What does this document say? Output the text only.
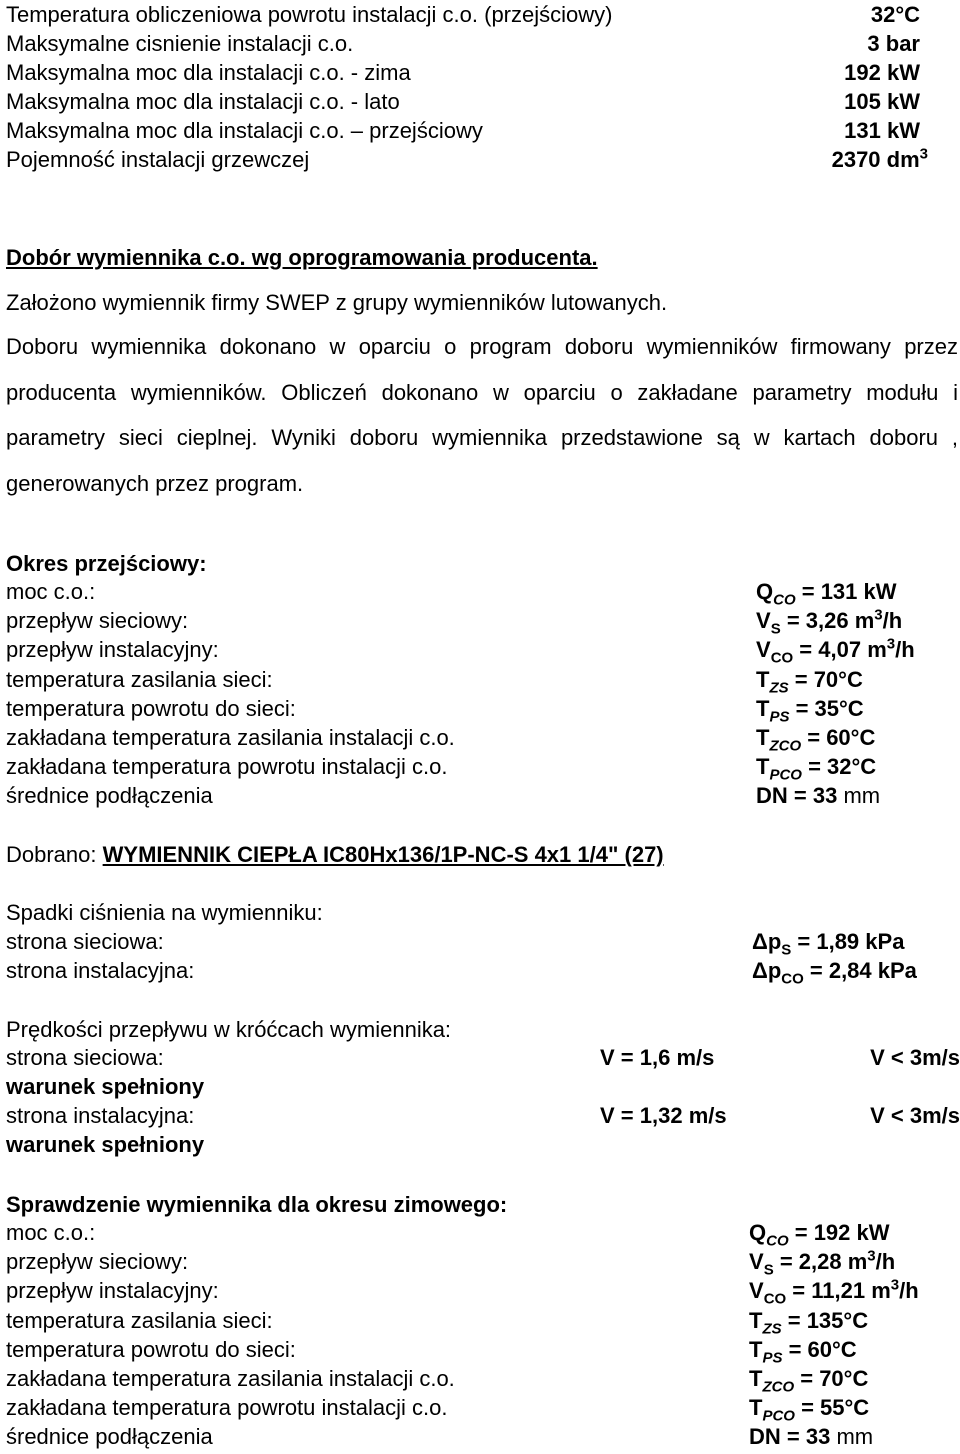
Temperatura obliczeniowa powrotu instalacji c.o. (przejściowy)	32°C
Maksymalne cisnienie instalacji c.o.	3 bar
Maksymalna moc dla instalacji c.o. - zima	192 kW
Maksymalna moc dla instalacji c.o. - lato	105 kW
Maksymalna moc dla instalacji c.o. – przejściowy	131 kW
Pojemność instalacji grzewczej	2370 $dm^3$
Dobór wymiennika c.o. wg oprogramowania producenta.
Założono wymiennik firmy SWEP z grupy wymienników lutowanych.
Doboru wymiennika dokonano w oparciu o program doboru wymienników firmowany przez producenta wymienników. Obliczeń dokonano w oparciu o zakładane parametry modułu i parametry sieci cieplnej. Wyniki doboru wymiennika przedstawione są w kartach doboru , generowanych przez program.
Okres przejściowy:
moc c.o.:	$Q_{CO} = 131$ kW
przepływ sieciowy:	$V_S = 3,26$ $m^3/h$
przepływ instalacyjny:	$V_{CO} = 4,07$ $m^3/h$
temperatura zasilania sieci:	$T_{ZS} = 70^\circ C$
temperatura powrotu do sieci:	$T_{PS} = 35^\circ C$
zakładana temperatura zasilania instalacji c.o.	$T_{ZCO} = 60^\circ C$
zakładana temperatura powrotu instalacji c.o.	$T_{PCO} = 32^\circ C$
średnice podłączenia	DN = 33 mm
Dobrano: WYMIENNIK CIEPŁA IC80Hx136/1P-NC-S 4x1 1/4" (27)
Spadki ciśnienia na wymienniku:
strona sieciowa:	$\Delta p_S = 1,89$ kPa
strona instalacyjna:	$\Delta p_{CO} = 2,84$ kPa
Prędkości przepływu w króćcach wymiennika:
strona sieciowa:	V = 1,6 m/s	V < 3m/s
warunek spełniony
strona instalacyjna:	V = 1,32 m/s	V < 3m/s
warunek spełniony
Sprawdzenie wymiennika dla okresu zimowego:
moc c.o.:	$Q_{CO} = 192$ kW
przepływ sieciowy:	$V_S = 2,28$ $m^3/h$
przepływ instalacyjny:	$V_{CO} = 11,21$ $m^3/h$
temperatura zasilania sieci:	$T_{ZS} = 135^\circ C$
temperatura powrotu do sieci:	$T_{PS} = 60^\circ C$
zakładana temperatura zasilania instalacji c.o.	$T_{ZCO} = 70^\circ C$
zakładana temperatura powrotu instalacji c.o.	$T_{PCO} = 55^\circ C$
średnice podłączenia	DN = 33 mm
